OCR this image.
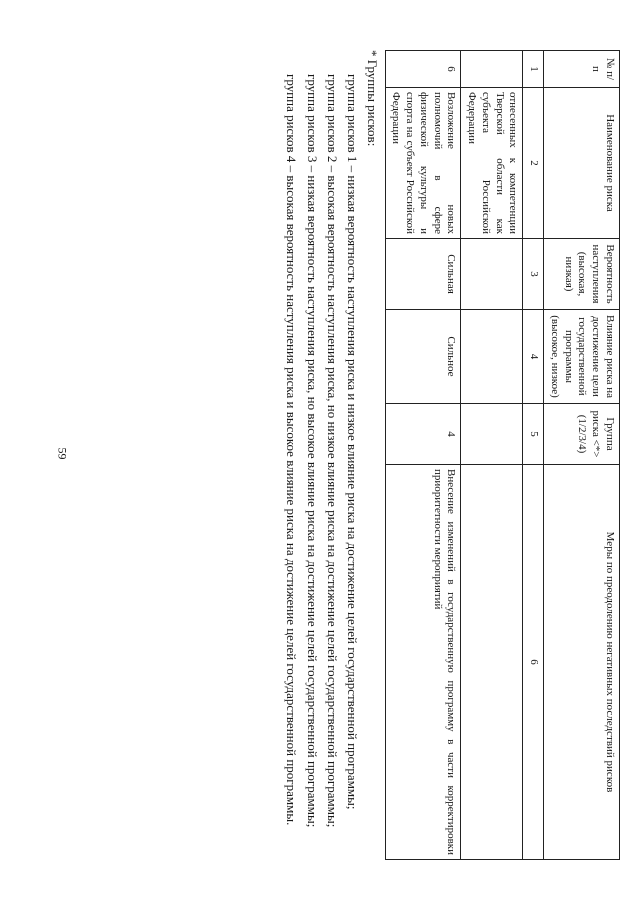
59
№ п/п	Наименование риска	Вероятность наступления (высокая, низкая)	Влияние риска на достижение цели государственной программы (высокое, низкое)	Группа риска <*> (1/2/3/4)	Меры по преодолению негативных последствий рисков
1	2	3	4	5	6
	отнесенных к компетенции Тверской области как субъекта Российской Федерации				
6	Возложение новых полномочий в сфере физической культуры и спорта на субъект Российской Федерации	Сильная	Сильное	4	Внесение изменений в государственную программу в части корректировки приоритетности мероприятий

* Группы рисков:

группа рисков 1 – низкая вероятность наступления риска и низкое влияние риска на достижение целей государственной программы;

группа рисков 2 – высокая вероятность наступления риска, но низкое влияние риска на достижение целей государственной программы;

группа рисков 3 – низкая вероятность наступления риска, но высокое влияние риска на достижение целей государственной программы;

группа рисков 4 – высокая вероятность наступления риска и высокое влияние риска на достижение целей государственной программы.
